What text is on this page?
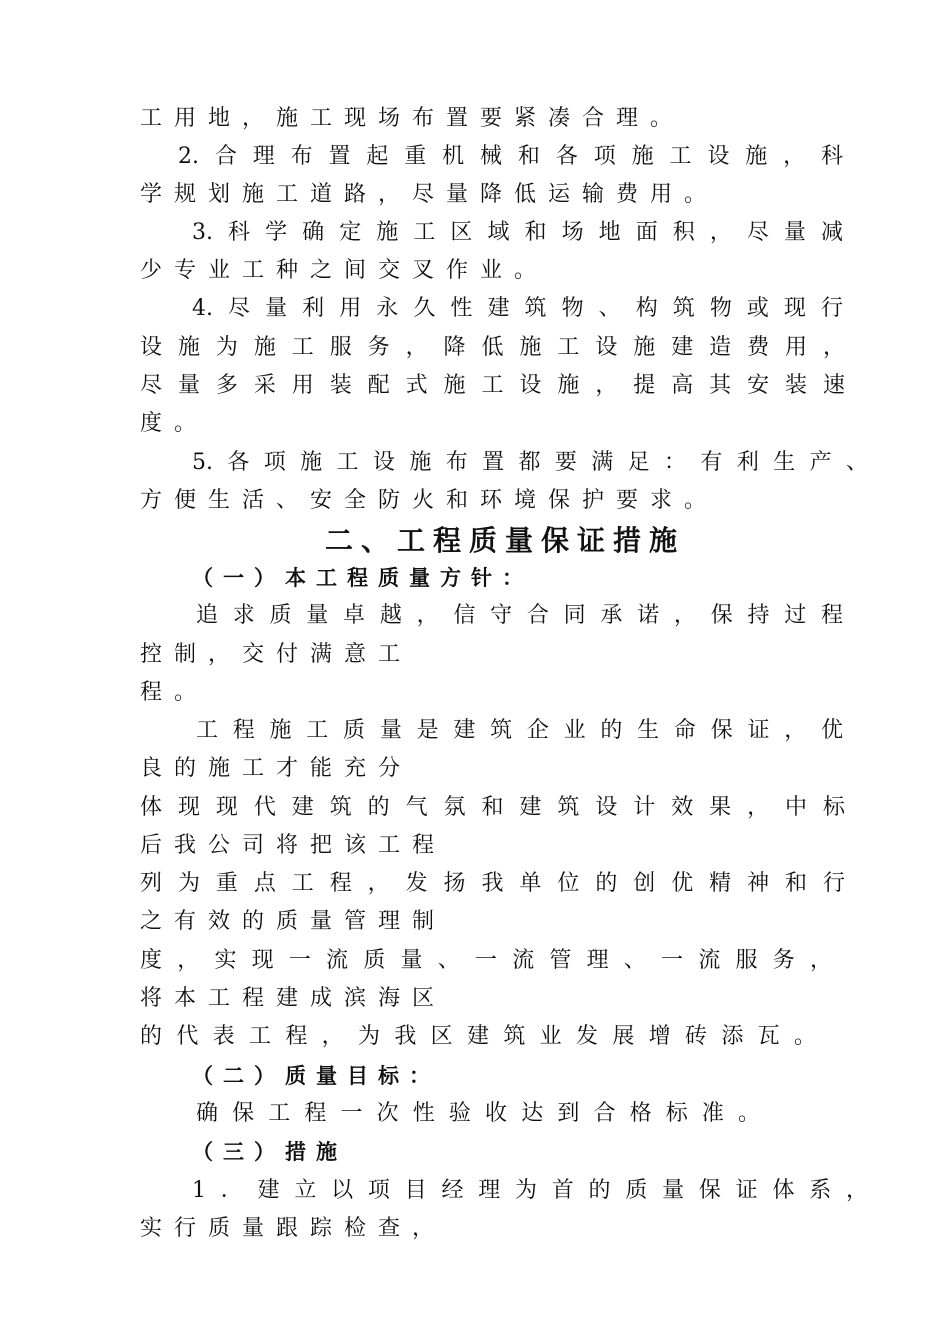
工用地，施工现场布置要紧凑合理。
2.合理布置起重机械和各项施工设施，科
学规划施工道路，尽量降低运输费用。
3.科学确定施工区域和场地面积，尽量减
少专业工种之间交叉作业。
4.尽量利用永久性建筑物、构筑物或现行
设施为施工服务，降低施工设施建造费用，
尽量多采用装配式施工设施，提高其安装速
度。
5.各项施工设施布置都要满足：有利生产、
方便生活、安全防火和环境保护要求。
二、工程质量保证措施
（一）本工程质量方针：
追求质量卓越，信守合同承诺，保持过程
控制，交付满意工
程。
工程施工质量是建筑企业的生命保证，优
良的施工才能充分
体现现代建筑的气氛和建筑设计效果，中标
后我公司将把该工程
列为重点工程，发扬我单位的创优精神和行
之有效的质量管理制
度，实现一流质量、一流管理、一流服务，
将本工程建成滨海区
的代表工程，为我区建筑业发展增砖添瓦。
（二）质量目标：
确保工程一次性验收达到合格标准。
（三）措施
1．建立以项目经理为首的质量保证体系，
实行质量跟踪检查，
